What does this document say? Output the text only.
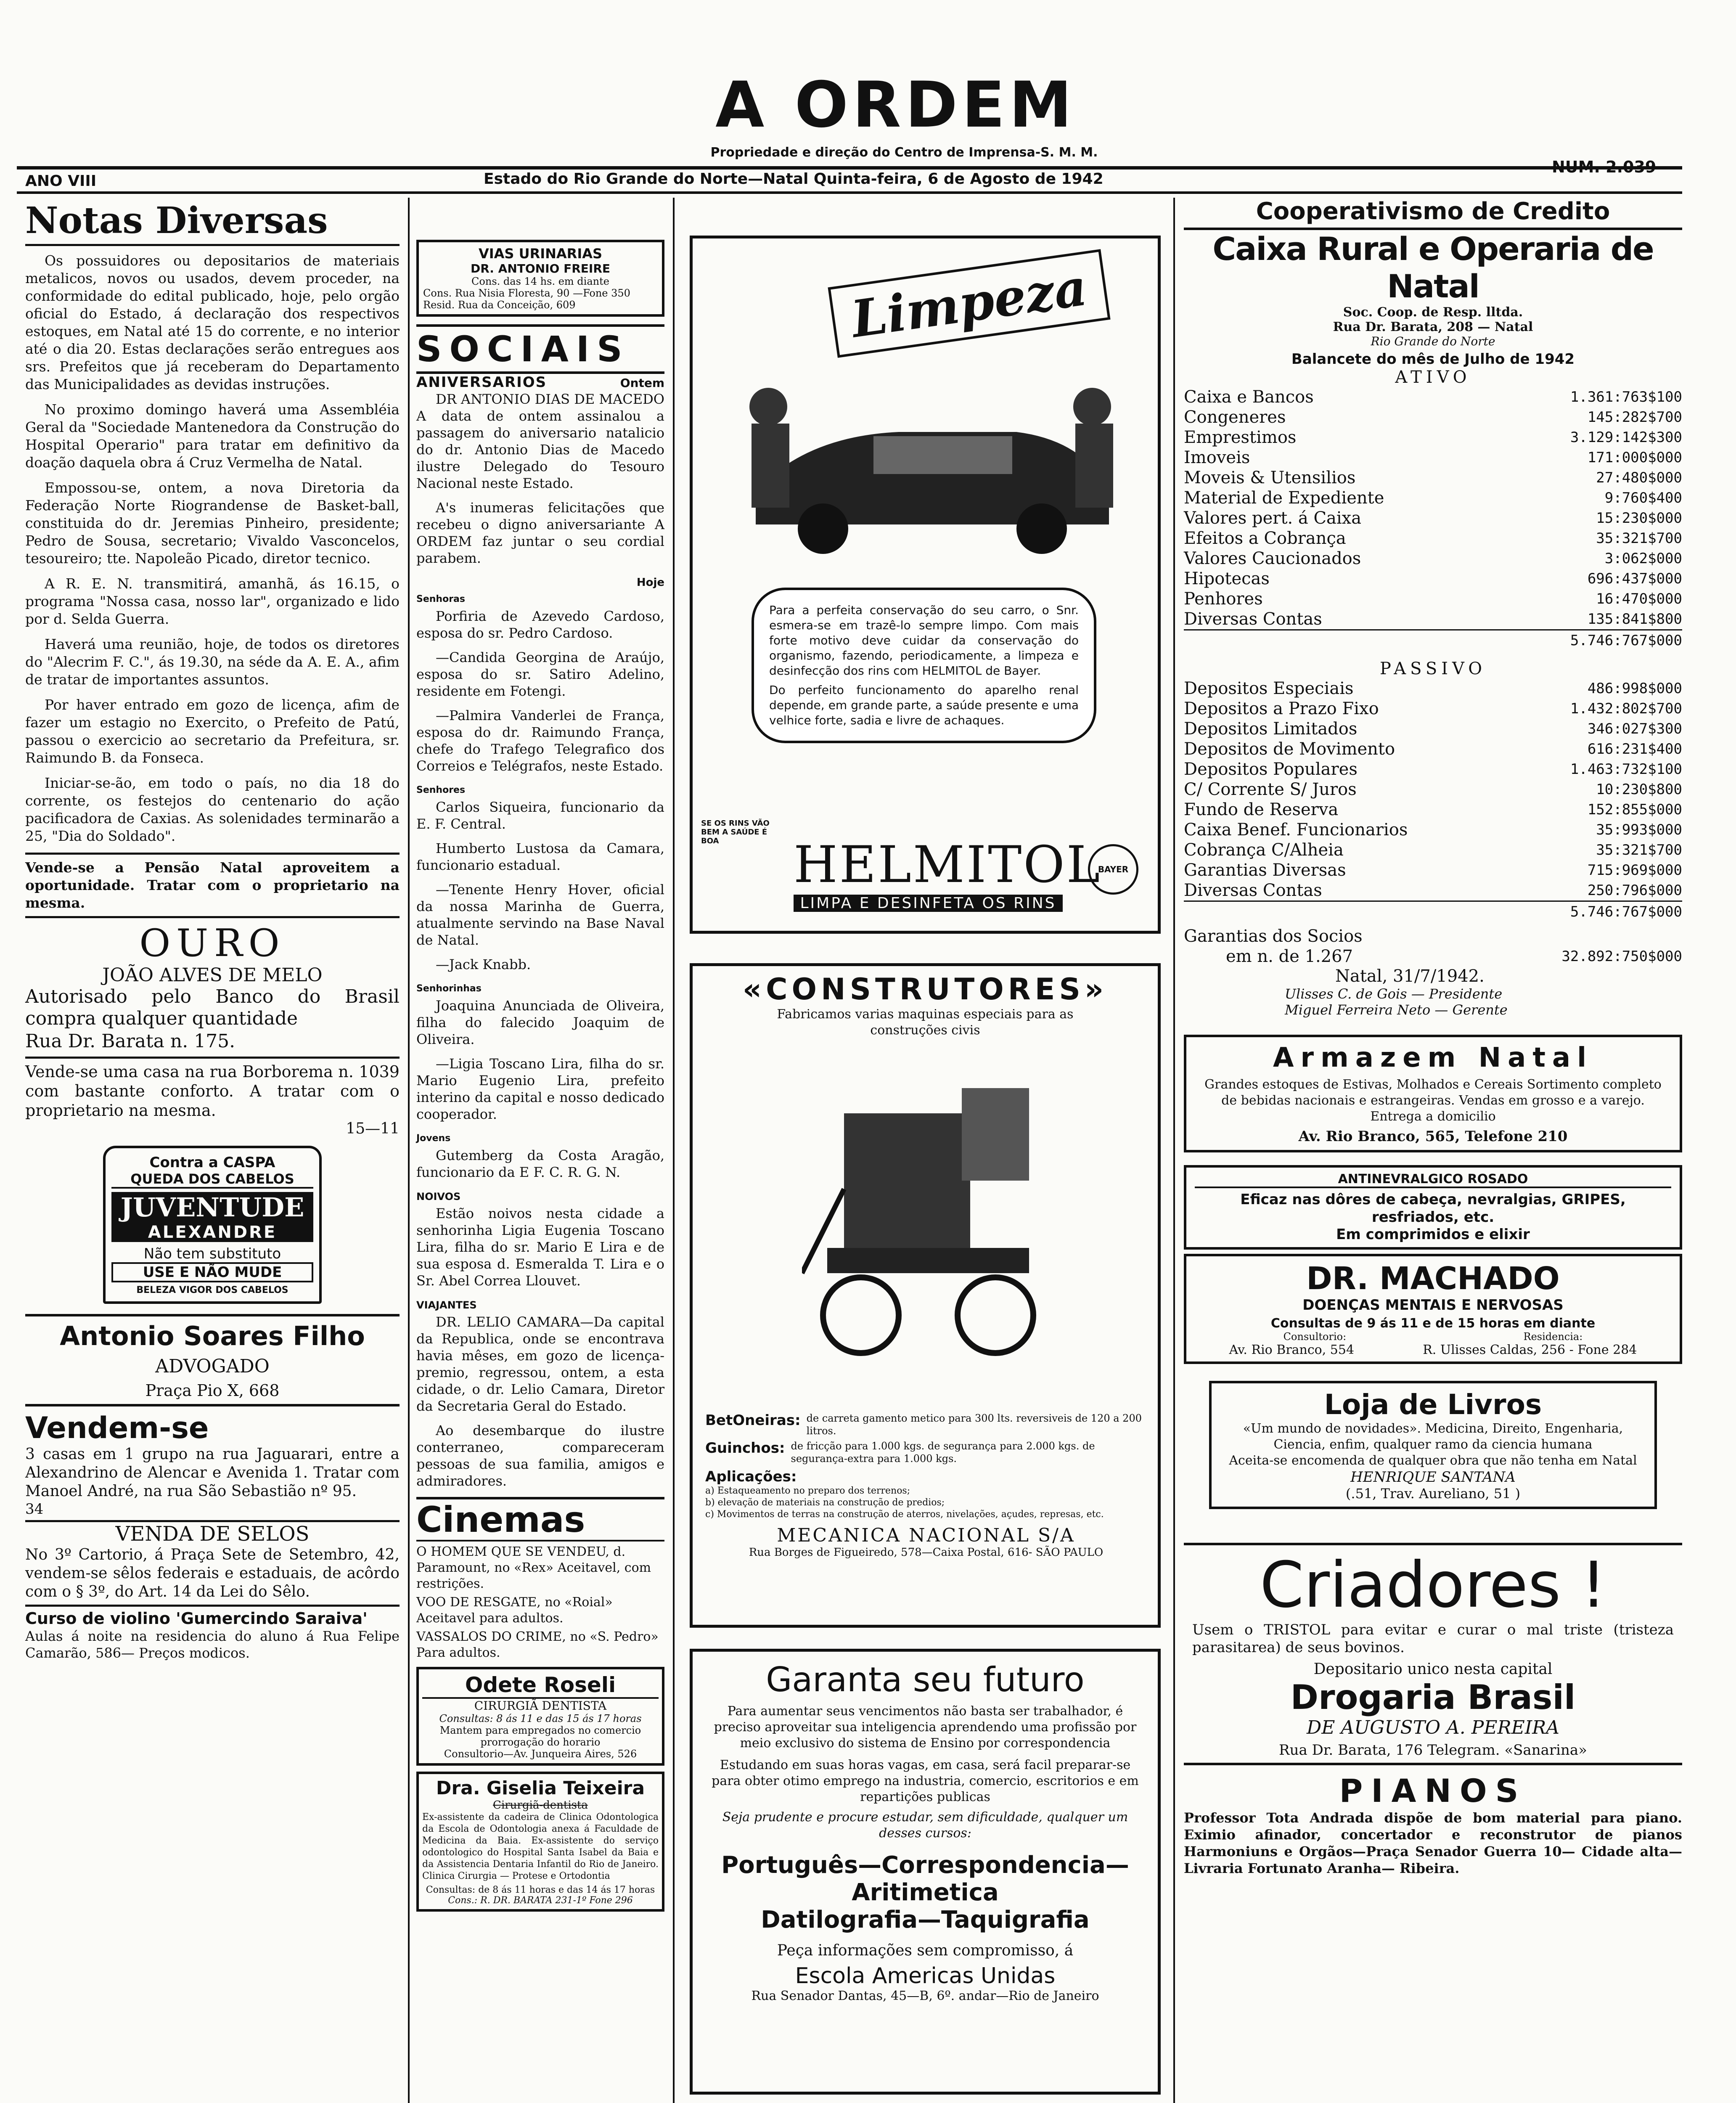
A ORDEM
Propriedade e direção do Centro de Imprensa-S. M. M.
ANO VIII	Estado do Rio Grande do Norte—Natal Quinta-feira, 6 de Agosto de 1942
NUM. 2.039
Notas Diversas

Os possuidores ou depositarios de materiais metalicos, novos ou usados, devem proceder, na conformidade do edital publicado, hoje, pelo orgão oficial do Estado, á declaração dos respectivos estoques, em Natal até 15 do corrente, e no interior até o dia 20. Estas declarações serão entregues aos srs. Prefeitos que já receberam do Departamento das Municipalidades as devidas instruções.

No proximo domingo haverá uma Assembléia Geral da "Sociedade Mantenedora da Construção do Hospital Operario" para tratar em definitivo da doação daquela obra á Cruz Vermelha de Natal.

Empossou-se, ontem, a nova Diretoria da Federação Norte Riograndense de Basket-ball, constituida do dr. Jeremias Pinheiro, presidente; Pedro de Sousa, secretario; Vivaldo Vasconcelos, tesoureiro; tte. Napoleão Picado, diretor tecnico.

A R. E. N. transmitirá, amanhã, ás 16.15, o programa "Nossa casa, nosso lar", organizado e lido por d. Selda Guerra.

Haverá uma reunião, hoje, de todos os diretores do "Alecrim F. C.", ás 19.30, na séde da A. E. A., afim de tratar de importantes assuntos.

Por haver entrado em gozo de licença, afim de fazer um estagio no Exercito, o Prefeito de Patú, passou o exercicio ao secretario da Prefeitura, sr. Raimundo B. da Fonseca.

Iniciar-se-ão, em todo o país, no dia 18 do corrente, os festejos do centenario do ação pacificadora de Caxias. As solenidades terminarão a 25, "Dia do Soldado".

Vende-se a Pensão Natal aproveitem a oportunidade. Tratar com o proprietario na mesma.
OURO
JOÃO ALVES DE MELO
Autorisado pelo Banco do Brasil compra qualquer quantidade
Rua Dr. Barata n. 175.
Vende-se uma casa na rua Borborema n. 1039 com bastante conforto. A tratar com o proprietario na mesma.
15—11
Contra a CASPA
QUEDA DOS CABELOS
JUVENTUDE
ALEXANDRE
Não tem substituto
USE E NÃO MUDE
BELEZA VIGOR DOS CABELOS
Antonio Soares Filho
ADVOGADO
Praça Pio X, 668
Vendem-se
3 casas em 1 grupo na rua Jaguarari, entre a Alexandrino de Alencar e Avenida 1. Tratar com Manoel André, na rua São Sebastião nº 95.
34
VENDA DE SELOS
No 3º Cartorio, á Praça Sete de Setembro, 42, vendem-se sêlos federais e estaduais, de acôrdo com o § 3º, do Art. 14 da Lei do Sêlo.
Curso de violino 'Gumercindo Saraiva'
Aulas á noite na residencia do aluno á Rua Felipe Camarão, 586— Preços modicos.
VIAS URINARIAS
DR. ANTONIO FREIRE
Cons. das 14 hs. em diante
Cons. Rua Nisia Floresta, 90 —Fone 350
Resid. Rua da Conceição, 609
SOCIAIS
ANIVERSARIOS	Ontem

DR ANTONIO DIAS DE MACEDO A data de ontem assinalou a passagem do aniversario natalicio do dr. Antonio Dias de Macedo ilustre Delegado do Tesouro Nacional neste Estado.

A's inumeras felicitações que recebeu o digno aniversariante A ORDEM faz juntar o seu cordial parabem.

Hoje
Senhoras

Porfiria de Azevedo Cardoso, esposa do sr. Pedro Cardoso.

—Candida Georgina de Araújo, esposa do sr. Satiro Adelino, residente em Fotengi.

—Palmira Vanderlei de França, esposa do dr. Raimundo França, chefe do Trafego Telegrafico dos Correios e Telégrafos, neste Estado.

Senhores

Carlos Siqueira, funcionario da E. F. Central.

Humberto Lustosa da Camara, funcionario estadual.

—Tenente Henry Hover, oficial da nossa Marinha de Guerra, atualmente servindo na Base Naval de Natal.

—Jack Knabb.

Senhorinhas

Joaquina Anunciada de Oliveira, filha do falecido Joaquim de Oliveira.

—Ligia Toscano Lira, filha do sr. Mario Eugenio Lira, prefeito interino da capital e nosso dedicado cooperador.

Jovens

Gutemberg da Costa Aragão, funcionario da E F. C. R. G. N.

NOIVOS

Estão noivos nesta cidade a senhorinha Ligia Eugenia Toscano Lira, filha do sr. Mario E Lira e de sua esposa d. Esmeralda T. Lira e o Sr. Abel Correa Llouvet.

VIAJANTES

DR. LELIO CAMARA—Da capital da Republica, onde se encontrava havia mêses, em gozo de licença-premio, regressou, ontem, a esta cidade, o dr. Lelio Camara, Diretor da Secretaria Geral do Estado.

Ao desembarque do ilustre conterraneo, compareceram pessoas de sua familia, amigos e admiradores.

Cinemas

O HOMEM QUE SE VENDEU, d. Paramount, no «Rex» Aceitavel, com restrições.

VOO DE RESGATE, no «Roial» Aceitavel para adultos.

VASSALOS DO CRIME, no «S. Pedro» Para adultos.

Odete Roseli
CIRURGIÃ DENTISTA
Consultas: 8 ás 11 e das 15 ás 17 horas
Mantem para empregados no comercio prorrogação do horario
Consultorio—Av. Junqueira Aires, 526
Dra. Giselia Teixeira
Cirurgiã-dentista
Ex-assistente da cadeira de Clinica Odontologica da Escola de Odontologia anexa á Faculdade de Medicina da Baia. Ex-assistente do serviço odontologico do Hospital Santa Isabel da Baia e da Assistencia Dentaria Infantil do Rio de Janeiro. Clinica Cirurgia — Protese e Ortodontia
Consultas: de 8 ás 11 horas e das 14 ás 17 horas
Cons.: R. DR. BARATA 231-1º Fone 296
Limpeza

Para a perfeita conservação do seu carro, o Snr. esmera-se em trazê-lo sempre limpo. Com mais forte motivo deve cuidar da conservação do organismo, fazendo, periodicamente, a limpeza e desinfecção dos rins com HELMITOL de Bayer.

Do perfeito funcionamento do aparelho renal depende, em grande parte, a saúde presente e uma velhice forte, sadia e livre de achaques.

SE OS RINS VÃO BEM A SAÚDE É BOA	HELMITOL
BAYER
LIMPA E DESINFETA OS RINS
«CONSTRUTORES»
Fabricamos varias maquinas especiais para as construções civis
BetOneiras: de carreta gamento metico para 300 lts. reversiveis de 120 a 200 litros.
Guinchos: de fricção para 1.000 kgs. de segurança para 2.000 kgs. de segurança-extra para 1.000 kgs.
Aplicações:
a) Estaqueamento no preparo dos terrenos;
b) elevação de materiais na construção de predios;
c) Movimentos de terras na construção de aterros, nivelações, açudes, represas, etc.
MECANICA NACIONAL S/A
Rua Borges de Figueiredo, 578—Caixa Postal, 616- SÃO PAULO
Garanta seu futuro
Para aumentar seus vencimentos não basta ser trabalhador, é preciso aproveitar sua inteligencia aprendendo uma profissão por meio exclusivo do sistema de Ensino por correspondencia
Estudando em suas horas vagas, em casa, será facil preparar-se para obter otimo emprego na industria, comercio, escritorios e em repartições publicas
Seja prudente e procure estudar, sem dificuldade, qualquer um desses cursos:
Português—Correspondencia—Aritimetica
Datilografia—Taquigrafia
Peça informações sem compromisso, á
Escola Americas Unidas
Rua Senador Dantas, 45—B, 6º. andar—Rio de Janeiro
Cooperativismo de Credito
Caixa Rural e Operaria de Natal
Soc. Coop. de Resp. lltda.
Rua Dr. Barata, 208 — Natal
Rio Grande do Norte
Balancete do mês de Julho de 1942
ATIVO
Caixa e Bancos	1.361:763$100
Congeneres	145:282$700
Emprestimos	3.129:142$300
Imoveis	171:000$000
Moveis & Utensilios	27:480$000
Material de Expediente	9:760$400
Valores pert. á Caixa	15:230$000
Efeitos a Cobrança	35:321$700
Valores Caucionados	3:062$000
Hipotecas	696:437$000
Penhores	16:470$000
Diversas Contas	135:841$800
5.746:767$000
PASSIVO
Depositos Especiais	486:998$000
Depositos a Prazo Fixo	1.432:802$700
Depositos Limitados	346:027$300
Depositos de Movimento	616:231$400
Depositos Populares	1.463:732$100
C/ Corrente S/ Juros	10:230$800
Fundo de Reserva	152:855$000
Caixa Benef. Funcionarios	35:993$000
Cobrança C/Alheia	35:321$700
Garantias Diversas	715:969$000
Diversas Contas	250:796$000
5.746:767$000
Garantias dos Socios
em n. de 1.267	32.892:750$000
Natal, 31/7/1942.
Ulisses C. de Gois — Presidente
Miguel Ferreira Neto — Gerente
Armazem Natal
Grandes estoques de Estivas, Molhados e Cereais Sortimento completo de bebidas nacionais e estrangeiras. Vendas em grosso e a varejo. Entrega a domicilio
Av. Rio Branco, 565, Telefone 210
ANTINEVRALGICO ROSADO
Eficaz nas dôres de cabeça, nevralgias, GRIPES, resfriados, etc.
Em comprimidos e elixir
DR. MACHADO
DOENÇAS MENTAIS E NERVOSAS
Consultas de 9 ás 11 e de 15 horas em diante
Consultorio:	Residencia:
Av. Rio Branco, 554	R. Ulisses Caldas, 256 - Fone 284
Loja de Livros
«Um mundo de novidades». Medicina, Direito, Engenharia, Ciencia, enfim, qualquer ramo da ciencia humana
Aceita-se encomenda de qualquer obra que não tenha em Natal
HENRIQUE SANTANA
(.51, Trav. Aureliano, 51 )
Criadores !
Usem o TRISTOL para evitar e curar o mal triste (tristeza parasitarea) de seus bovinos.
Depositario unico nesta capital
Drogaria Brasil
DE AUGUSTO A. PEREIRA
Rua Dr. Barata, 176 Telegram. «Sanarina»
PIANOS
Professor Tota Andrada dispõe de bom material para piano. Eximio afinador, concertador e reconstrutor de pianos Harmoniuns e Orgãos—Praça Senador Guerra 10— Cidade alta— Livraria Fortunato Aranha— Ribeira.
